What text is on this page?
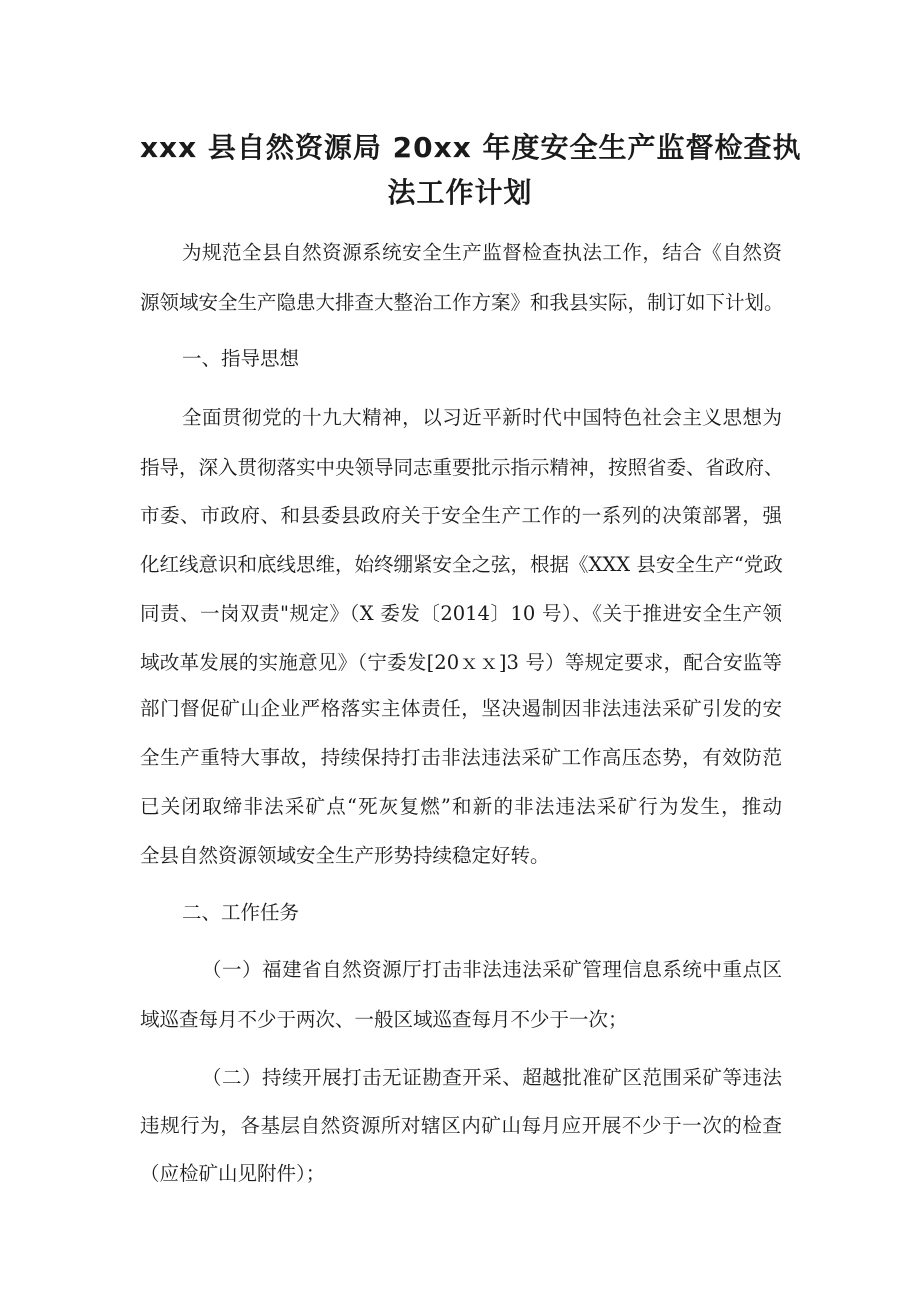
xxx 县自然资源局 20xx 年度安全生产监督检查执
法工作计划
为规范全县自然资源系统安全生产监督检查执法工作，结合《自然资
源领域安全生产隐患大排查大整治工作方案》和我县实际，制订如下计划。
一、指导思想
全面贯彻党的十九大精神，以习近平新时代中国特色社会主义思想为
指导，深入贯彻落实中央领导同志重要批示指示精神，按照省委、省政府、
市委、市政府、和县委县政府关于安全生产工作的一系列的决策部署，强
化红线意识和底线思维，始终绷紧安全之弦，根据《XXX 县安全生产“党政
同责、一岗双责"规定》（X 委发〔2014〕10 号）、《关于推进安全生产领
域改革发展的实施意见》（宁委发[20ｘｘ]3 号）等规定要求，配合安监等
部门督促矿山企业严格落实主体责任，坚决遏制因非法违法采矿引发的安
全生产重特大事故，持续保持打击非法违法采矿工作高压态势，有效防范
已关闭取缔非法采矿点“死灰复燃”和新的非法违法采矿行为发生，推动
全县自然资源领域安全生产形势持续稳定好转。
二、工作任务
（一）福建省自然资源厅打击非法违法采矿管理信息系统中重点区
域巡查每月不少于两次、一般区域巡查每月不少于一次；
（二）持续开展打击无证勘查开采、超越批准矿区范围采矿等违法
违规行为，各基层自然资源所对辖区内矿山每月应开展不少于一次的检查
（应检矿山见附件）；
